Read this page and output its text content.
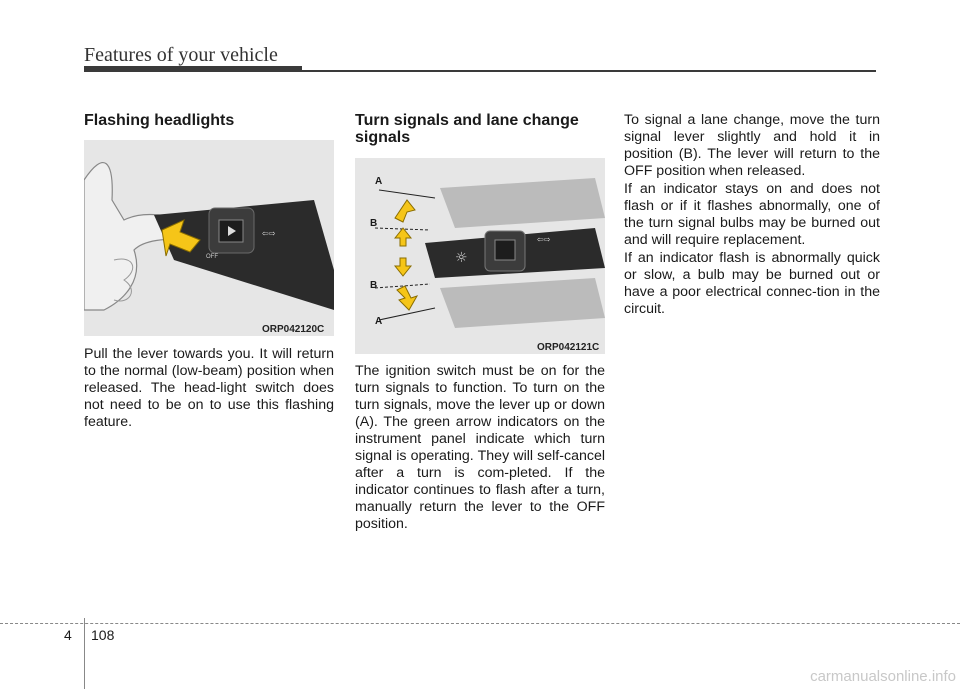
Features of your vehicle
Flashing headlights
⇦⇨
OFF
ORP042120C

Pull the lever towards you. It will return to the normal (low-beam) position when released. The head-light switch does not need to be on to use this flashing feature.

Turn signals and lane change signals
☼
⇦⇨
A
B
B
A
ORP042121C

The ignition switch must be on for the turn signals to function. To turn on the turn signals, move the lever up or down (A). The green arrow indicators on the instrument panel indicate which turn signal is operating. They will self-cancel after a turn is com-pleted. If the indicator continues to flash after a turn, manually return the lever to the OFF position.

To signal a lane change, move the turn signal lever slightly and hold it in position (B). The lever will return to the OFF position when released.

If an indicator stays on and does not flash or if it flashes abnormally, one of the turn signal bulbs may be burned out and will require replacement.

If an indicator flash is abnormally quick or slow, a bulb may be burned out or have a poor electrical connec-tion in the circuit.

4 108
carmanualsonline.info
